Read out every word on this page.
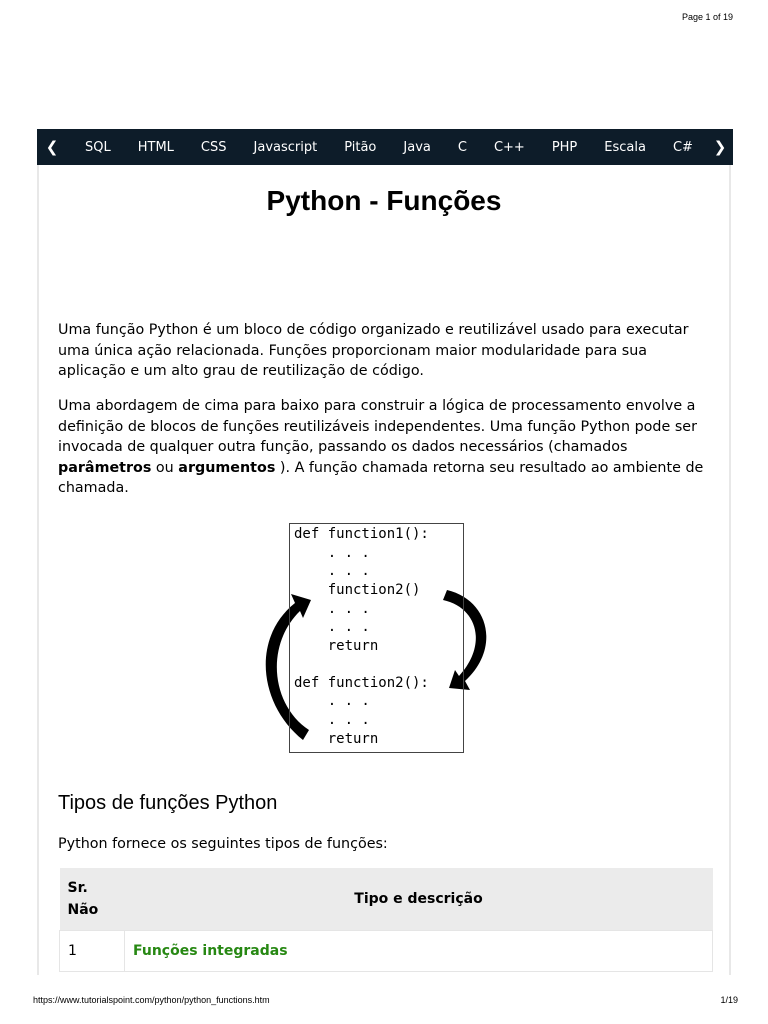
Page 1 of 19
❮	SQL HTML CSS Javascript Pitão Java C C++ PHP Escala C#	❯
Python - Funções

Uma função Python é um bloco de código organizado e reutilizável usado para executar uma única ação relacionada. Funções proporcionam maior modularidade para sua aplicação e um alto grau de reutilização de código.

Uma abordagem de cima para baixo para construir a lógica de processamento envolve a definição de blocos de funções reutilizáveis independentes. Uma função Python pode ser invocada de qualquer outra função, passando os dados necessários (chamados parâmetros ou argumentos ). A função chamada retorna seu resultado ao ambiente de chamada.

def function1():
. . .
. . .
function2()
. . .
. . .
return
def function2():
. . .
. . .
return
Tipos de funções Python

Python fornece os seguintes tipos de funções:

Sr.
Não	Tipo e descrição
1	Funções integradas
https://www.tutorialspoint.com/python/python_functions.htm	1/19
